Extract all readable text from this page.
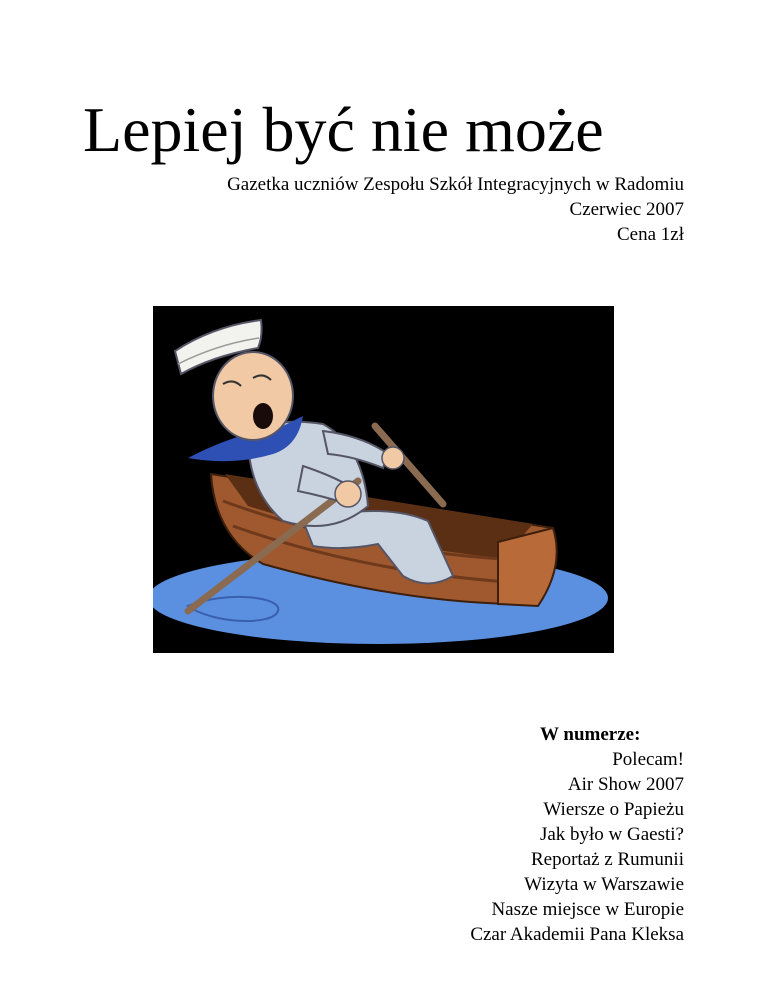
Lepiej być nie może
Gazetka uczniów Zespołu Szkół Integracyjnych w Radomiu
Czerwiec 2007
Cena 1zł
W numerze:
Polecam!
Air Show 2007
Wiersze o Papieżu
Jak było w Gaesti?
Reportaż z Rumunii
Wizyta w Warszawie
Nasze miejsce w Europie
Czar Akademii Pana Kleksa
